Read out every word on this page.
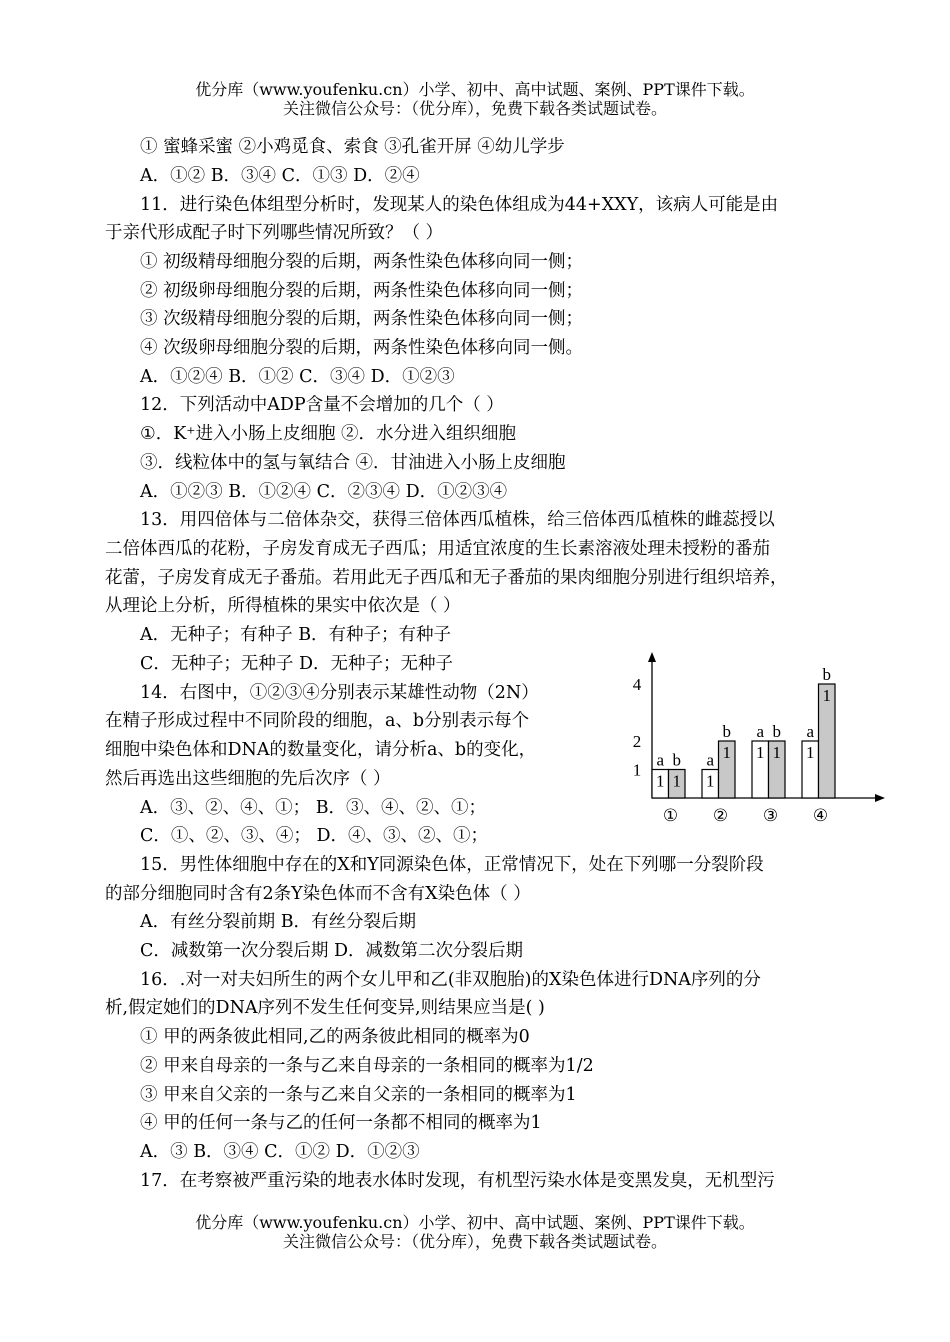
优分库（www.youfenku.cn）小学、初中、高中试题、案例、PPT课件下载。
关注微信公众号：（优分库），免费下载各类试题试卷。
① 蜜蜂采蜜 ②小鸡觅食、索食 ③孔雀开屏 ④幼儿学步
A．①② B．③④ C．①③ D．②④
11．进行染色体组型分析时，发现某人的染色体组成为44+XXY，该病人可能是由
于亲代形成配子时下列哪些情况所致？（ ）
① 初级精母细胞分裂的后期，两条性染色体移向同一侧；
② 初级卵母细胞分裂的后期，两条性染色体移向同一侧；
③ 次级精母细胞分裂的后期，两条性染色体移向同一侧；
④ 次级卵母细胞分裂的后期，两条性染色体移向同一侧。
A．①②④ B．①② C．③④ D．①②③
12．下列活动中ADP含量不会增加的几个（ ）
①．K⁺进入小肠上皮细胞 ②．水分进入组织细胞
③．线粒体中的氢与氧结合 ④．甘油进入小肠上皮细胞
A．①②③ B．①②④ C．②③④ D．①②③④
13．用四倍体与二倍体杂交，获得三倍体西瓜植株，给三倍体西瓜植株的雌蕊授以
二倍体西瓜的花粉，子房发育成无子西瓜；用适宜浓度的生长素溶液处理未授粉的番茄
花蕾，子房发育成无子番茄。若用此无子西瓜和无子番茄的果肉细胞分别进行组织培养，
从理论上分析，所得植株的果实中依次是（ ）
A．无种子；有种子 B．有种子；有种子
C．无种子；无种子 D．无种子；无种子
14．右图中，①②③④分别表示某雄性动物（2N）
在精子形成过程中不同阶段的细胞，a、b分别表示每个
细胞中染色体和DNA的数量变化，请分析a、b的变化，
然后再选出这些细胞的先后次序（ ）
A．③、②、④、①； B．③、④、②、①；
C．①、②、③、④； D．④、③、②、①；
15．男性体细胞中存在的X和Y同源染色体，正常情况下，处在下列哪一分裂阶段
的部分细胞同时含有2条Y染色体而不含有X染色体（ ）
A．有丝分裂前期 B．有丝分裂后期
C．减数第一次分裂后期 D．减数第二次分裂后期
16．.对一对夫妇所生的两个女儿甲和乙(非双胞胎)的X染色体进行DNA序列的分
析,假定她们的DNA序列不发生任何变异,则结果应当是( )
① 甲的两条彼此相同,乙的两条彼此相同的概率为0
② 甲来自母亲的一条与乙来自母亲的一条相同的概率为1/2
③ 甲来自父亲的一条与乙来自父亲的一条相同的概率为1
④ 甲的任何一条与乙的任何一条都不相同的概率为1
A．③ B．③④ C．①② D．①②③
17．在考察被严重污染的地表水体时发现，有机型污染水体是变黑发臭，无机型污
a
1
b
1
a
1
b
1
a
1
b
1
a
1
b
1
1
2
4
① ② ③ ④
优分库（www.youfenku.cn）小学、初中、高中试题、案例、PPT课件下载。
关注微信公众号：（优分库），免费下载各类试题试卷。
